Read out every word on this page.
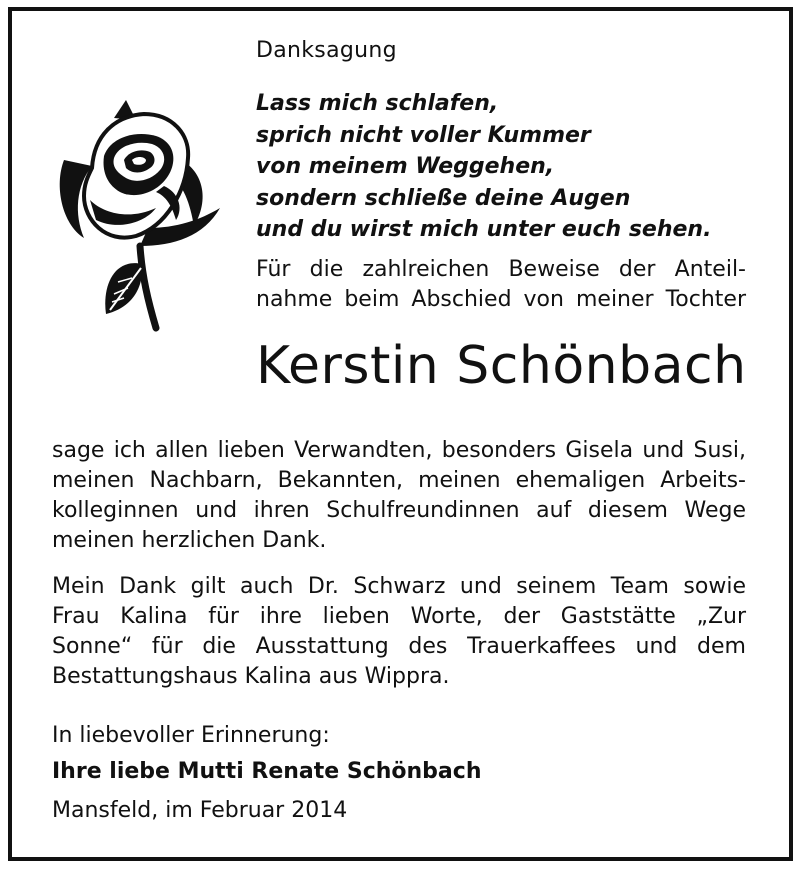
Danksagung
Lass mich schlafen,
sprich nicht voller Kummer
von meinem Weggehen,
sondern schließe deine Augen
und du wirst mich unter euch sehen.
Für die zahlreichen Beweise der Anteil-
nahme beim Abschied von meiner Tochter
Kerstin Schönbach
sage ich allen lieben Verwandten, besonders Gisela und Susi,
meinen Nachbarn, Bekannten, meinen ehemaligen Arbeits-
kolleginnen und ihren Schulfreundinnen auf diesem Wege
meinen herzlichen Dank.
Mein Dank gilt auch Dr. Schwarz und seinem Team sowie
Frau Kalina für ihre lieben Worte, der Gaststätte „Zur
Sonne“ für die Ausstattung des Trauerkaffees und dem
Bestattungshaus Kalina aus Wippra.
In liebevoller Erinnerung:
Ihre liebe Mutti Renate Schönbach
Mansfeld, im Februar 2014
